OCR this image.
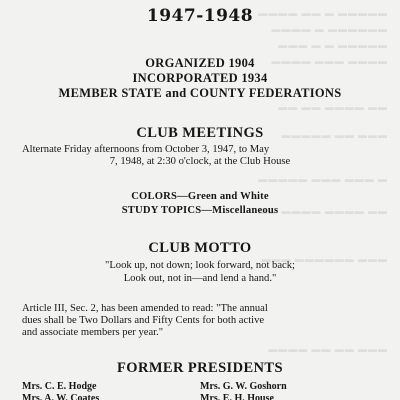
▬▬▬▬ ▬▬ ▬ ▬▬▬▬▬
▬▬▬▬ ▬ ▬▬▬▬▬▬
▬▬▬ ▬ ▬ ▬▬▬▬▬
▬▬▬▬ ▬▬▬ ▬▬▬▬
▬▬ ▬▬ ▬▬▬▬ ▬▬
▬▬▬▬▬ ▬▬ ▬▬▬
▬▬▬▬▬ ▬▬▬ ▬▬▬ ▬
▬▬ ▬▬▬▬ ▬▬▬▬ ▬▬
▬▬▬ ▬▬▬▬▬▬ ▬▬▬
▬▬▬▬ ▬▬ ▬▬ ▬▬▬
1947-1948
ORGANIZED 1904
INCORPORATED 1934
MEMBER STATE and COUNTY FEDERATIONS
CLUB MEETINGS
Alternate Friday afternoons from October 3, 1947, to May
7, 1948, at 2:30 o'clock, at the Club House
COLORS—Green and White
STUDY TOPICS—Miscellaneous
CLUB MOTTO
"Look up, not down; look forward, not back;
Look out, not in—and lend a hand."
Article III, Sec. 2, has been amended to read: "The annual
dues shall be Two Dollars and Fifty Cents for both active
and associate members per year."
FORMER PRESIDENTS
Mrs. C. E. Hodge
Mrs. A. W. Coates
Mrs. G. W. Goshorn
Mrs. E. H. House
